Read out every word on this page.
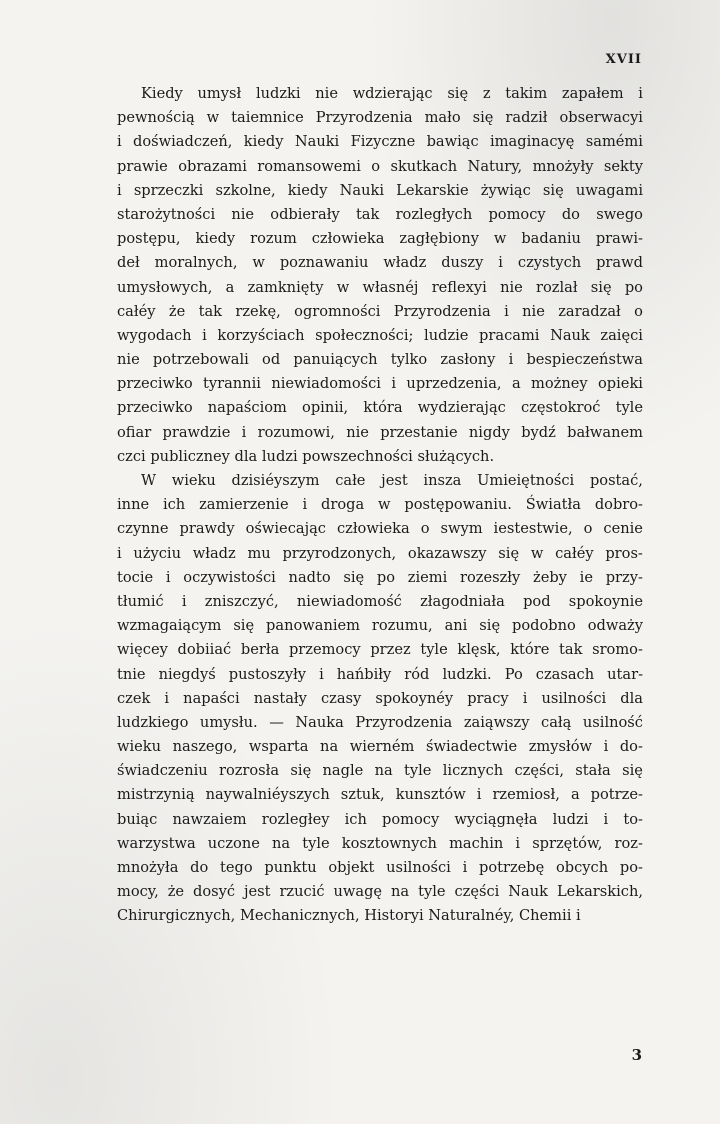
XVII
Kiedy umysł ludzki nie wdzierając się z takim zapałem i
pewnością w taiemnice Przyrodzenia mało się radził obserwacyi
i doświadczeń, kiedy Nauki Fizyczne bawiąc imaginacyę samémi
prawie obrazami romansowemi o skutkach Natury, mnożyły sekty
i sprzeczki szkolne, kiedy Nauki Lekarskie żywiąc się uwagami
starożytności nie odbierały tak rozległych pomocy do swego
postępu, kiedy rozum człowieka zagłębiony w badaniu prawi-
deł moralnych, w poznawaniu władz duszy i czystych prawd
umysłowych, a zamknięty w własnéj reflexyi nie rozlał się po
całéy że tak rzekę, ogromności Przyrodzenia i nie zaradzał o
wygodach i korzyściach społeczności; ludzie pracami Nauk zaięci
nie potrzebowali od panuiących tylko zasłony i bespieczeństwa
przeciwko tyrannii niewiadomości i uprzedzenia, a możney opieki
przeciwko napaściom opinii, która wydzierając częstokroć tyle
ofiar prawdzie i rozumowi, nie przestanie nigdy bydź bałwanem
czci publiczney dla ludzi powszechności służących.
W wieku dzisiéyszym całe jest insza Umieiętności postać,
inne ich zamierzenie i droga w postępowaniu. Światła dobro-
czynne prawdy oświecając człowieka o swym iestestwie, o cenie
i użyciu władz mu przyrodzonych, okazawszy się w całéy pros-
tocie i oczywistości nadto się po ziemi rozeszły żeby ie przy-
tłumić i zniszczyć, niewiadomość złagodniała pod spokoynie
wzmagaiącym się panowaniem rozumu, ani się podobno odważy
więcey dobiiać berła przemocy przez tyle klęsk, które tak sromo-
tnie niegdyś pustoszyły i hańbiły ród ludzki. Po czasach utar-
czek i napaści nastały czasy spokoynéy pracy i usilności dla
ludzkiego umysłu. — Nauka Przyrodzenia zaiąwszy całą usilność
wieku naszego, wsparta na wierném świadectwie zmysłów i do-
świadczeniu rozrosła się nagle na tyle licznych części, stała się
mistrzynią naywalniéyszych sztuk, kunsztów i rzemiosł, a potrze-
buiąc nawzaiem rozległey ich pomocy wyciągnęła ludzi i to-
warzystwa uczone na tyle kosztownych machin i sprzętów, roz-
mnożyła do tego punktu objekt usilności i potrzebę obcych po-
mocy, że dosyć jest rzucić uwagę na tyle części Nauk Lekarskich,
Chirurgicznych, Mechanicznych, Historyi Naturalnéy, Chemii i
3
